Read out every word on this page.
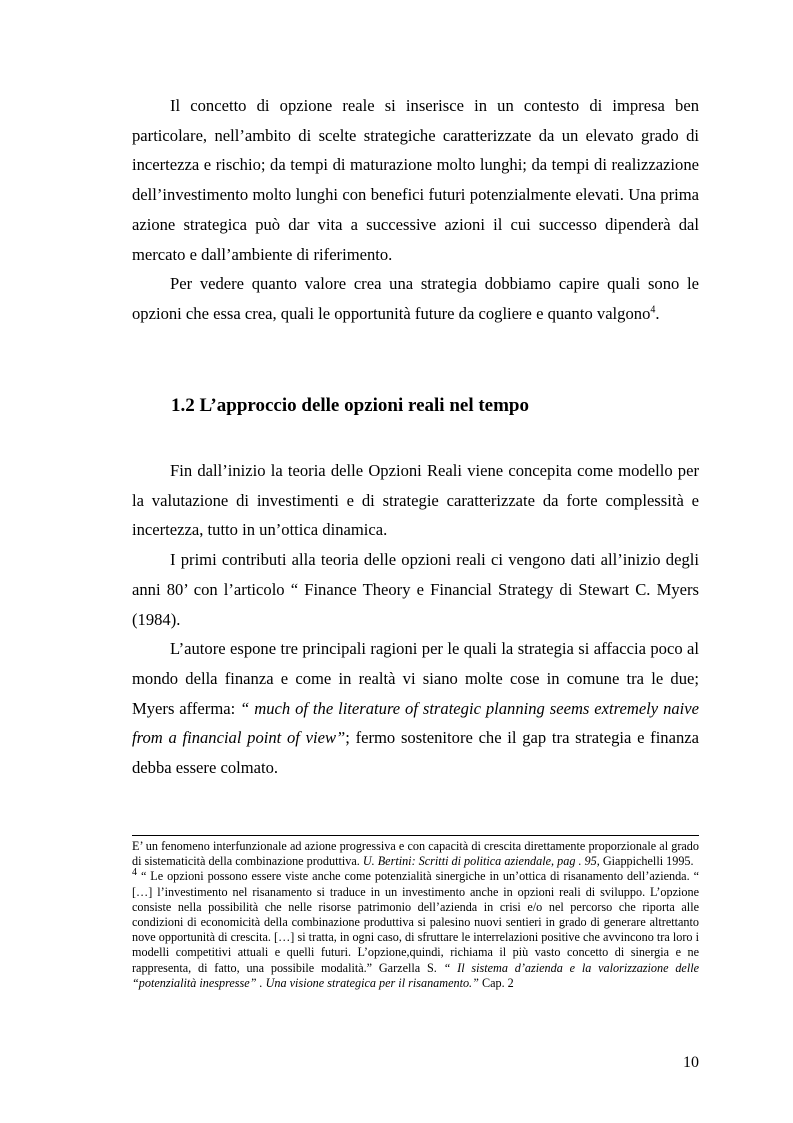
Il concetto di opzione reale si inserisce in un contesto di impresa ben particolare, nell’ambito di scelte strategiche caratterizzate da un elevato grado di incertezza e rischio; da tempi di maturazione molto lunghi; da tempi di realizzazione dell’investimento molto lunghi con benefici futuri potenzialmente elevati. Una prima azione strategica può dar vita a successive azioni il cui successo dipenderà dal mercato e dall’ambiente di riferimento.

Per vedere quanto valore crea una strategia dobbiamo capire quali sono le opzioni che essa crea, quali le opportunità future da cogliere e quanto valgono$^4$.

1.2 L’approccio delle opzioni reali nel tempo

Fin dall’inizio la teoria delle Opzioni Reali viene concepita come modello per la valutazione di investimenti e di strategie caratterizzate da forte complessità e incertezza, tutto in un’ottica dinamica.

I primi contributi alla teoria delle opzioni reali ci vengono dati all’inizio degli anni 80’ con l’articolo “ Finance Theory e Financial Strategy di Stewart C. Myers (1984).

L’autore espone tre principali ragioni per le quali la strategia si affaccia poco al mondo della finanza e come in realtà vi siano molte cose in comune tra le due; Myers afferma: “ much of the literature of strategic planning seems extremely naive from a financial point of view”; fermo sostenitore che il gap tra strategia e finanza debba essere colmato.

E’ un fenomeno interfunzionale ad azione progressiva e con capacità di crescita direttamente proporzionale al grado di sistematicità della combinazione produttiva. U. Bertini: Scritti di politica aziendale, pag . 95, Giappichelli 1995.

$^4$ “ Le opzioni possono essere viste anche come potenzialità sinergiche in un’ottica di risanamento dell’azienda. “ […] l’investimento nel risanamento si traduce in un investimento anche in opzioni reali di sviluppo. L’opzione consiste nella possibilità che nelle risorse patrimonio dell’azienda in crisi e/o nel percorso che riporta alle condizioni di economicità della combinazione produttiva si palesino nuovi sentieri in grado di generare altrettanto nove opportunità di crescita. […] si tratta, in ogni caso, di sfruttare le interrelazioni positive che avvincono tra loro i modelli competitivi attuali e quelli futuri. L’opzione,quindi, richiama il più vasto concetto di sinergia e ne rappresenta, di fatto, una possibile modalità.” Garzella S. “ Il sistema d’azienda e la valorizzazione delle “potenzialità inespresse” . Una visione strategica per il risanamento.” Cap. 2

10
